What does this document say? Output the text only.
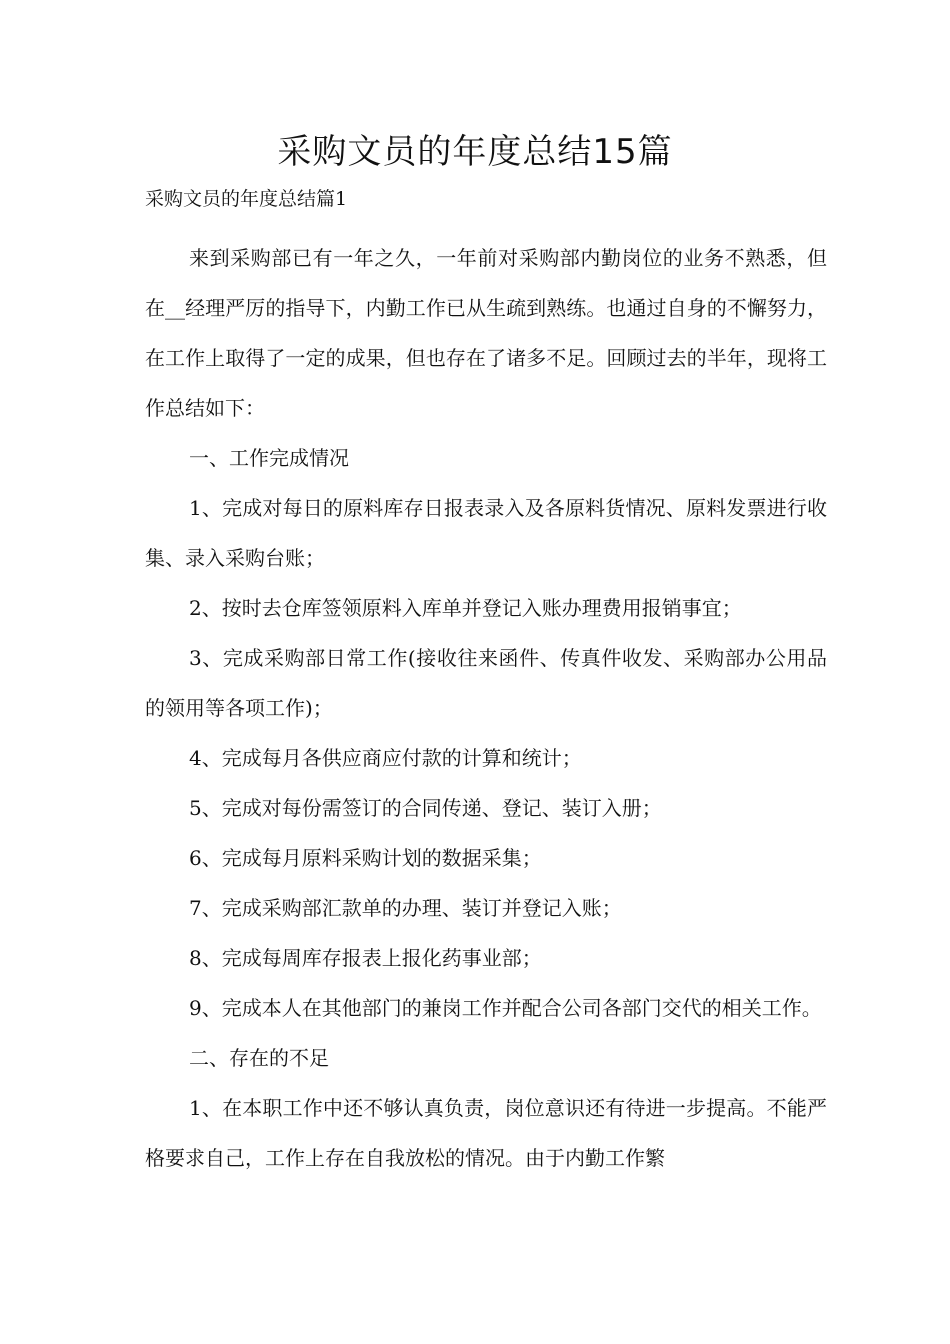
采购文员的年度总结15篇

采购文员的年度总结篇1

来到采购部已有一年之久，一年前对采购部内勤岗位的业务不熟悉，但在__经理严厉的指导下，内勤工作已从生疏到熟练。也通过自身的不懈努力，在工作上取得了一定的成果，但也存在了诸多不足。回顾过去的半年，现将工作总结如下：

一、工作完成情况

1、完成对每日的原料库存日报表录入及各原料货情况、原料发票进行收集、录入采购台账；

2、按时去仓库签领原料入库单并登记入账办理费用报销事宜；

3、完成采购部日常工作(接收往来函件、传真件收发、采购部办公用品的领用等各项工作)；

4、完成每月各供应商应付款的计算和统计；

5、完成对每份需签订的合同传递、登记、装订入册；

6、完成每月原料采购计划的数据采集；

7、完成采购部汇款单的办理、装订并登记入账；

8、完成每周库存报表上报化药事业部；

9、完成本人在其他部门的兼岗工作并配合公司各部门交代的相关工作。

二、存在的不足

1、在本职工作中还不够认真负责，岗位意识还有待进一步提高。不能严格要求自己，工作上存在自我放松的情况。由于内勤工作繁
